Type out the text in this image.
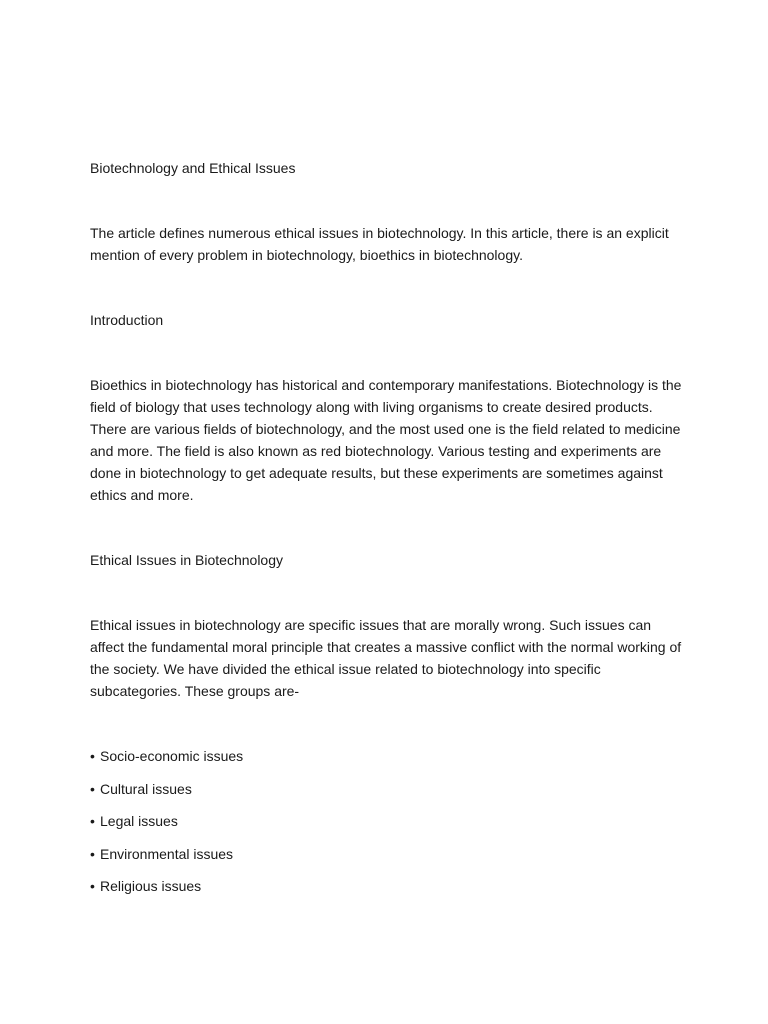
Biotechnology and Ethical Issues

The article defines numerous ethical issues in biotechnology. In this article, there is an explicit mention of every problem in biotechnology, bioethics in biotechnology.

Introduction

Bioethics in biotechnology has historical and contemporary manifestations. Biotechnology is the field of biology that uses technology along with living organisms to create desired products. There are various fields of biotechnology, and the most used one is the field related to medicine and more. The field is also known as red biotechnology. Various testing and experiments are done in biotechnology to get adequate results, but these experiments are sometimes against ethics and more.

Ethical Issues in Biotechnology

Ethical issues in biotechnology are specific issues that are morally wrong. Such issues can affect the fundamental moral principle that creates a massive conflict with the normal working of the society. We have divided the ethical issue related to biotechnology into specific subcategories. These groups are-

• Socio-economic issues
• Cultural issues
• Legal issues
• Environmental issues
• Religious issues
